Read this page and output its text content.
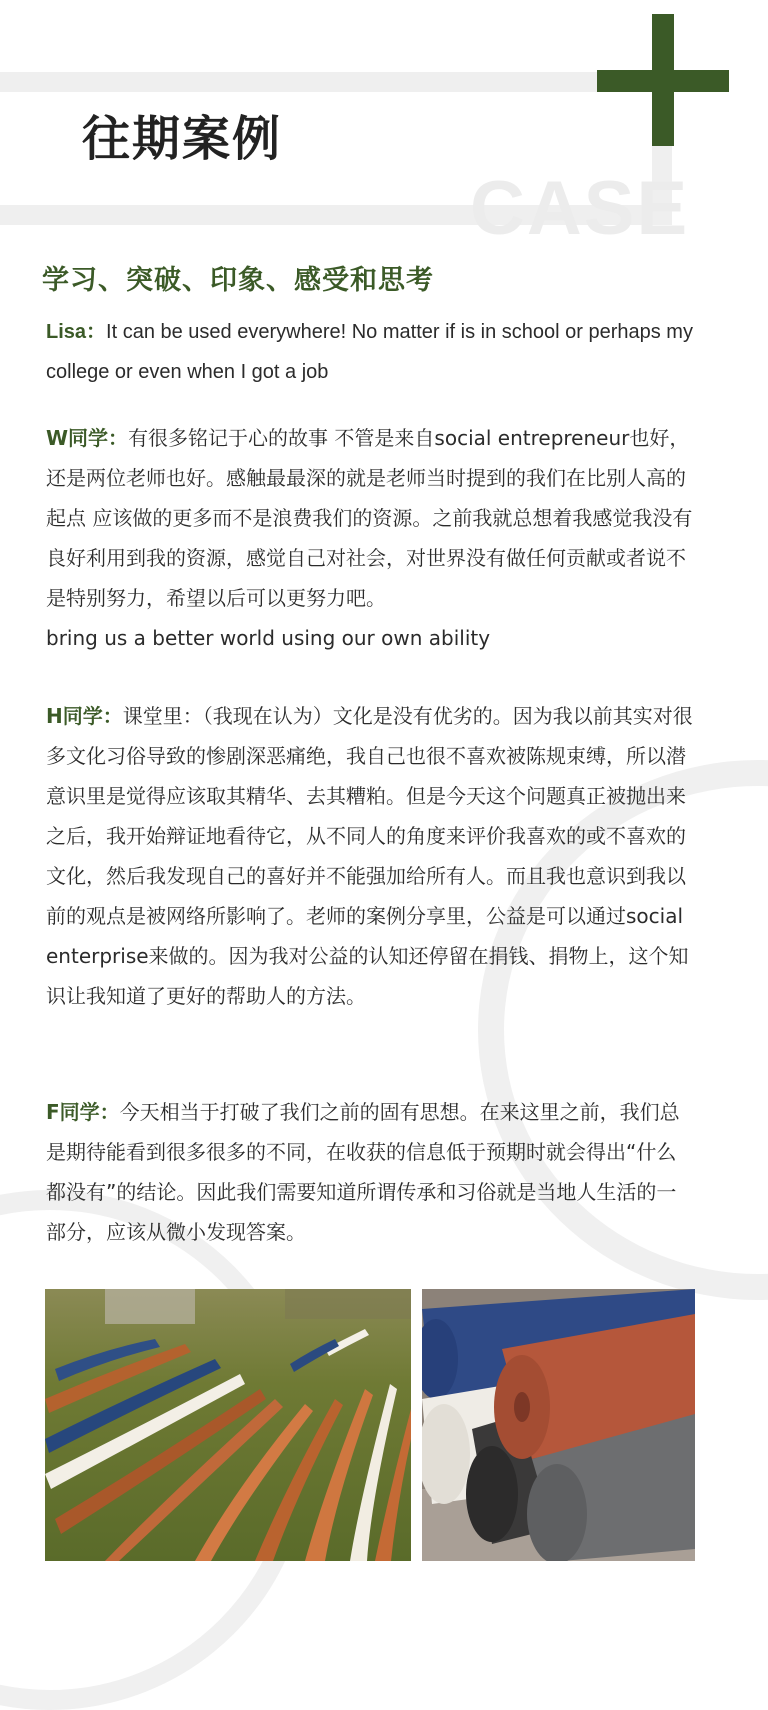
CASE
往期案例
学习、突破、印象、感受和思考

Lisa：It can be used everywhere! No matter if is in school or perhaps my college or even when I got a job

W同学：有很多铭记于心的故事 不管是来自social entrepreneur也好，还是两位老师也好。感触最最深的就是老师当时提到的我们在比别人高的起点 应该做的更多而不是浪费我们的资源。之前我就总想着我感觉我没有良好利用到我的资源，感觉自己对社会，对世界没有做任何贡献或者说不是特别努力，希望以后可以更努力吧。
bring us a better world using our own ability

H同学：课堂里：（我现在认为）文化是没有优劣的。因为我以前其实对很多文化习俗导致的惨剧深恶痛绝，我自己也很不喜欢被陈规束缚，所以潜意识里是觉得应该取其精华、去其糟粕。但是今天这个问题真正被抛出来之后，我开始辩证地看待它，从不同人的角度来评价我喜欢的或不喜欢的文化，然后我发现自己的喜好并不能强加给所有人。而且我也意识到我以前的观点是被网络所影响了。老师的案例分享里，公益是可以通过social enterprise来做的。因为我对公益的认知还停留在捐钱、捐物上，这个知识让我知道了更好的帮助人的方法。

F同学：今天相当于打破了我们之前的固有思想。在来这里之前，我们总是期待能看到很多很多的不同，在收获的信息低于预期时就会得出“什么都没有”的结论。因此我们需要知道所谓传承和习俗就是当地人生活的一部分，应该从微小发现答案。
